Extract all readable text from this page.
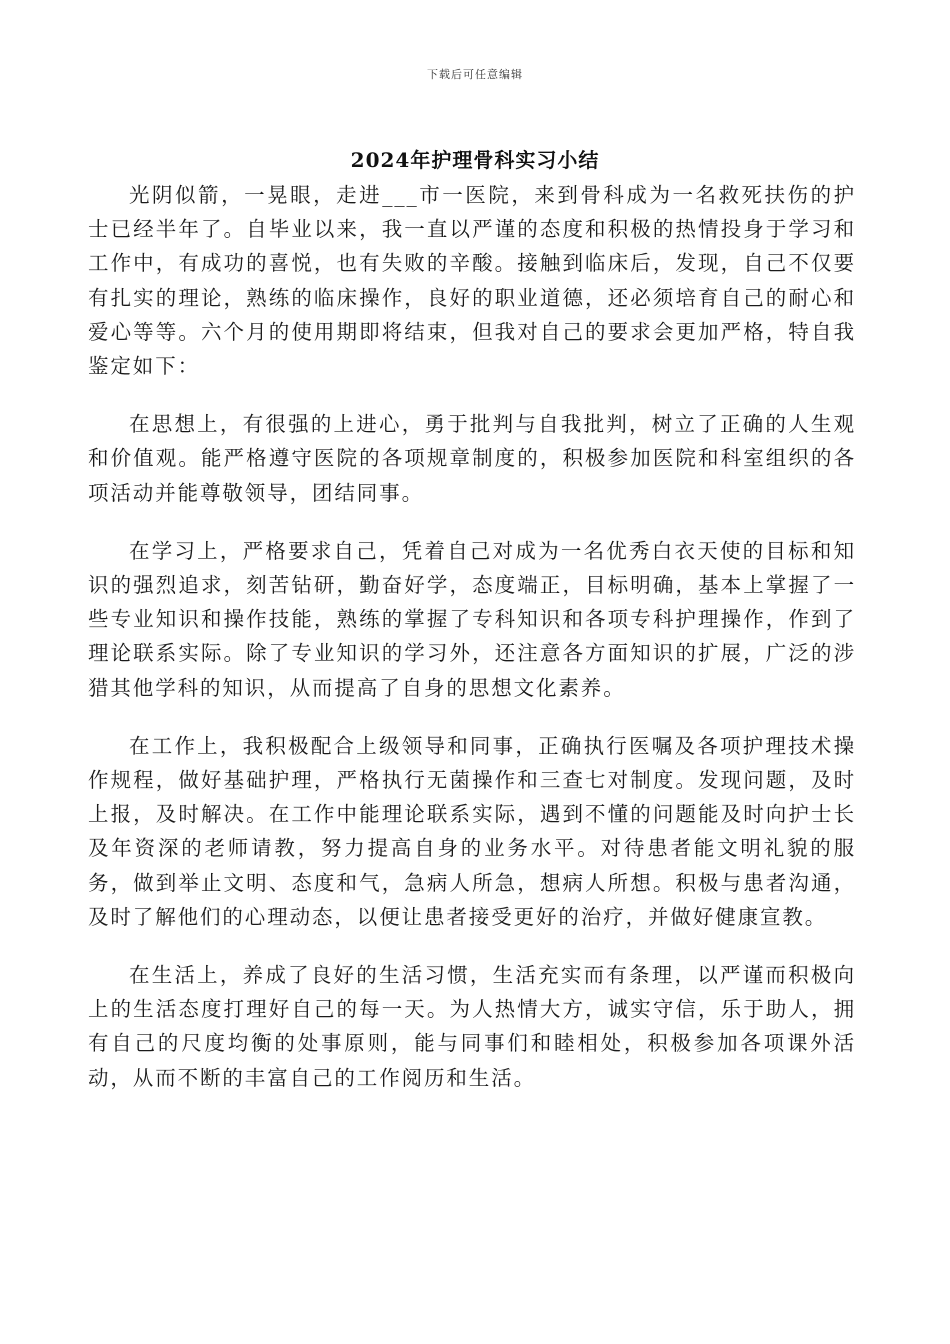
下载后可任意编辑
2024年护理骨科实习小结

光阴似箭，一晃眼，走进___市一医院，来到骨科成为一名救死扶伤的护士已经半年了。自毕业以来，我一直以严谨的态度和积极的热情投身于学习和工作中，有成功的喜悦，也有失败的辛酸。接触到临床后，发现，自己不仅要有扎实的理论，熟练的临床操作，良好的职业道德，还必须培育自己的耐心和爱心等等。六个月的使用期即将结束，但我对自己的要求会更加严格，特自我鉴定如下：

在思想上，有很强的上进心，勇于批判与自我批判，树立了正确的人生观和价值观。能严格遵守医院的各项规章制度的，积极参加医院和科室组织的各项活动并能尊敬领导，团结同事。

在学习上，严格要求自己，凭着自己对成为一名优秀白衣天使的目标和知识的强烈追求，刻苦钻研，勤奋好学，态度端正，目标明确，基本上掌握了一些专业知识和操作技能，熟练的掌握了专科知识和各项专科护理操作，作到了理论联系实际。除了专业知识的学习外，还注意各方面知识的扩展，广泛的涉猎其他学科的知识，从而提高了自身的思想文化素养。

在工作上，我积极配合上级领导和同事，正确执行医嘱及各项护理技术操作规程，做好基础护理，严格执行无菌操作和三查七对制度。发现问题，及时上报，及时解决。在工作中能理论联系实际，遇到不懂的问题能及时向护士长及年资深的老师请教，努力提高自身的业务水平。对待患者能文明礼貌的服务，做到举止文明、态度和气，急病人所急，想病人所想。积极与患者沟通，及时了解他们的心理动态，以便让患者接受更好的治疗，并做好健康宣教。

在生活上，养成了良好的生活习惯，生活充实而有条理，以严谨而积极向上的生活态度打理好自己的每一天。为人热情大方，诚实守信，乐于助人，拥有自己的尺度均衡的处事原则，能与同事们和睦相处，积极参加各项课外活动，从而不断的丰富自己的工作阅历和生活。
